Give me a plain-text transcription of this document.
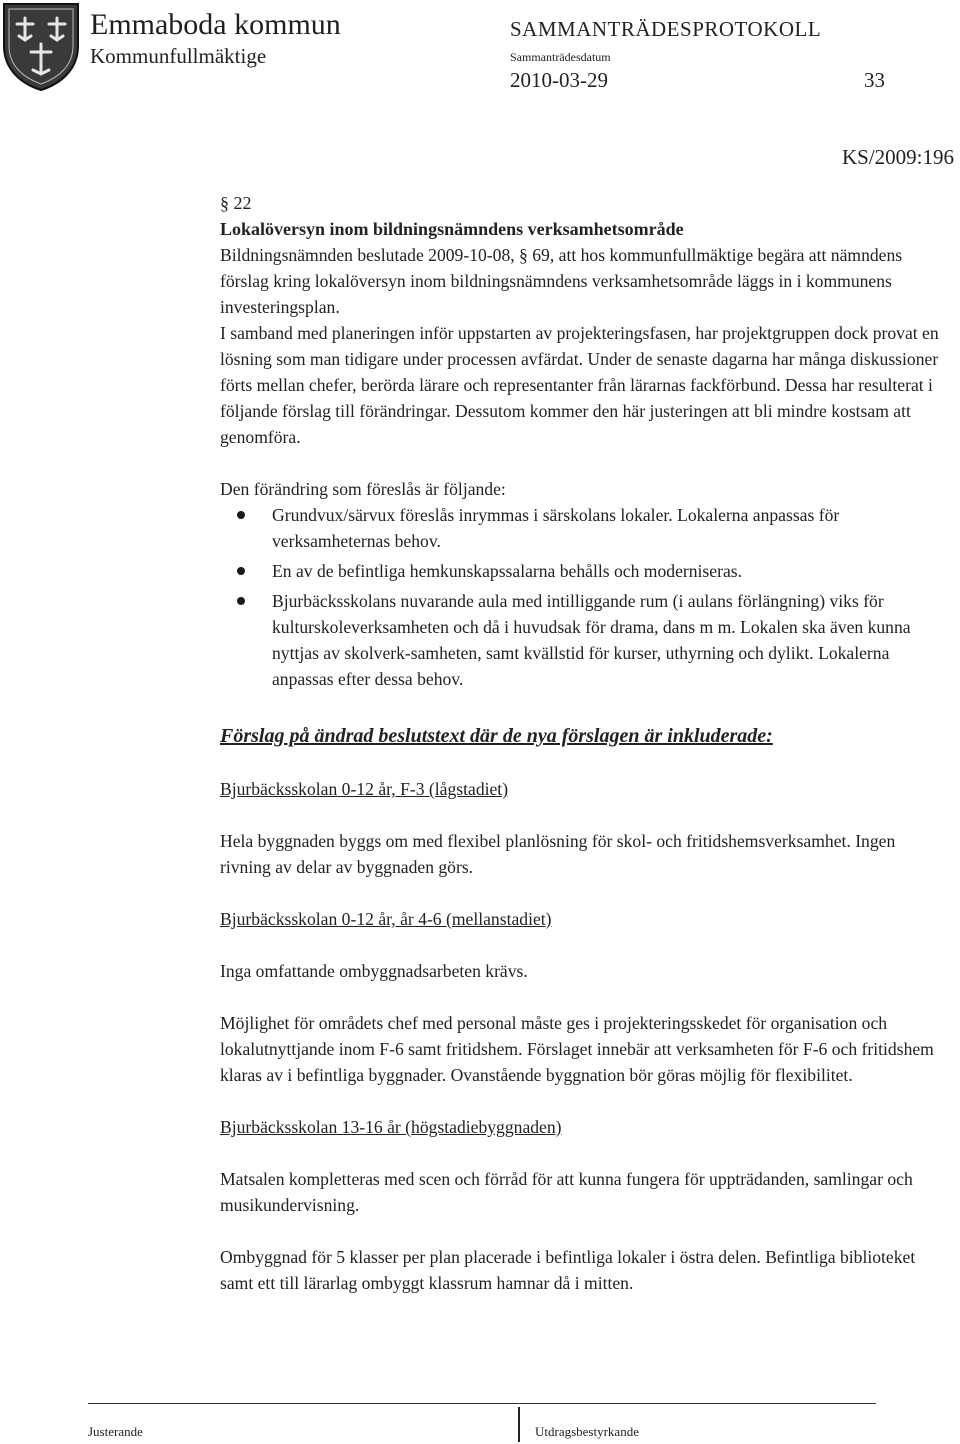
Emmaboda kommun
Kommunfullmäktige
SAMMANTRÄDESPROTOKOLL
Sammanträdesdatum
2010-03-29	33
KS/2009:196
§ 22

Lokalöversyn inom bildningsnämndens verksamhetsområde

Bildningsnämnden beslutade 2009-10-08, § 69, att hos kommunfullmäktige begära att nämndens förslag kring lokalöversyn inom bildningsnämndens verksamhetsområde läggs in i kommunens investeringsplan.

I samband med planeringen inför uppstarten av projekteringsfasen, har projektgruppen dock provat en lösning som man tidigare under processen avfärdat. Under de senaste dagarna har många diskussioner förts mellan chefer, berörda lärare och representanter från lärarnas fackförbund. Dessa har resulterat i följande förslag till förändringar. Dessutom kommer den här justeringen att bli mindre kostsam att genomföra.

Den förändring som föreslås är följande:

Grundvux/särvux föreslås inrymmas i särskolans lokaler. Lokalerna anpassas för verksamheternas behov.
En av de befintliga hemkunskapssalarna behålls och moderniseras.
Bjurbäcksskolans nuvarande aula med intilliggande rum (i aulans förlängning) viks för kulturskoleverksamheten och då i huvudsak för drama, dans m m. Lokalen ska även kunna nyttjas av skolverk-samheten, samt kvällstid för kurser, uthyrning och dylikt. Lokalerna anpassas efter dessa behov.

Förslag på ändrad beslutstext där de nya förslagen är inkluderade:

Bjurbäcksskolan 0-12 år, F-3 (lågstadiet)

Hela byggnaden byggs om med flexibel planlösning för skol- och fritidshemsverksamhet. Ingen rivning av delar av byggnaden görs.

Bjurbäcksskolan 0-12 år, år 4-6 (mellanstadiet)

Inga omfattande ombyggnadsarbeten krävs.

Möjlighet för områdets chef med personal måste ges i projekteringsskedet för organisation och lokalutnyttjande inom F-6 samt fritidshem. Förslaget innebär att verksamheten för F-6 och fritidshem klaras av i befintliga byggnader. Ovanstående byggnation bör göras möjlig för flexibilitet.

Bjurbäcksskolan 13-16 år (högstadiebyggnaden)

Matsalen kompletteras med scen och förråd för att kunna fungera för uppträdanden, samlingar och musikundervisning.

Ombyggnad för 5 klasser per plan placerade i befintliga lokaler i östra delen. Befintliga biblioteket samt ett till lärarlag ombyggt klassrum hamnar då i mitten.

Justerande	Utdragsbestyrkande
